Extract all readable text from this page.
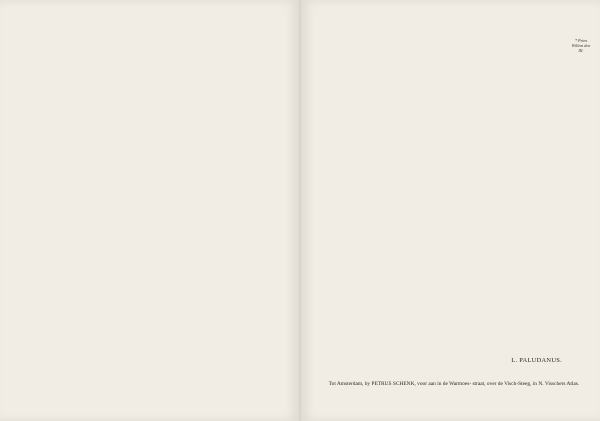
* Prins Willem den III.
L. PALUDANUS.
Tot Amsterdam, by PETRUS SCHENK, voor aan in de Warmoes- straat, over de Visch-Steeg, in N. Visschers Atlas.
